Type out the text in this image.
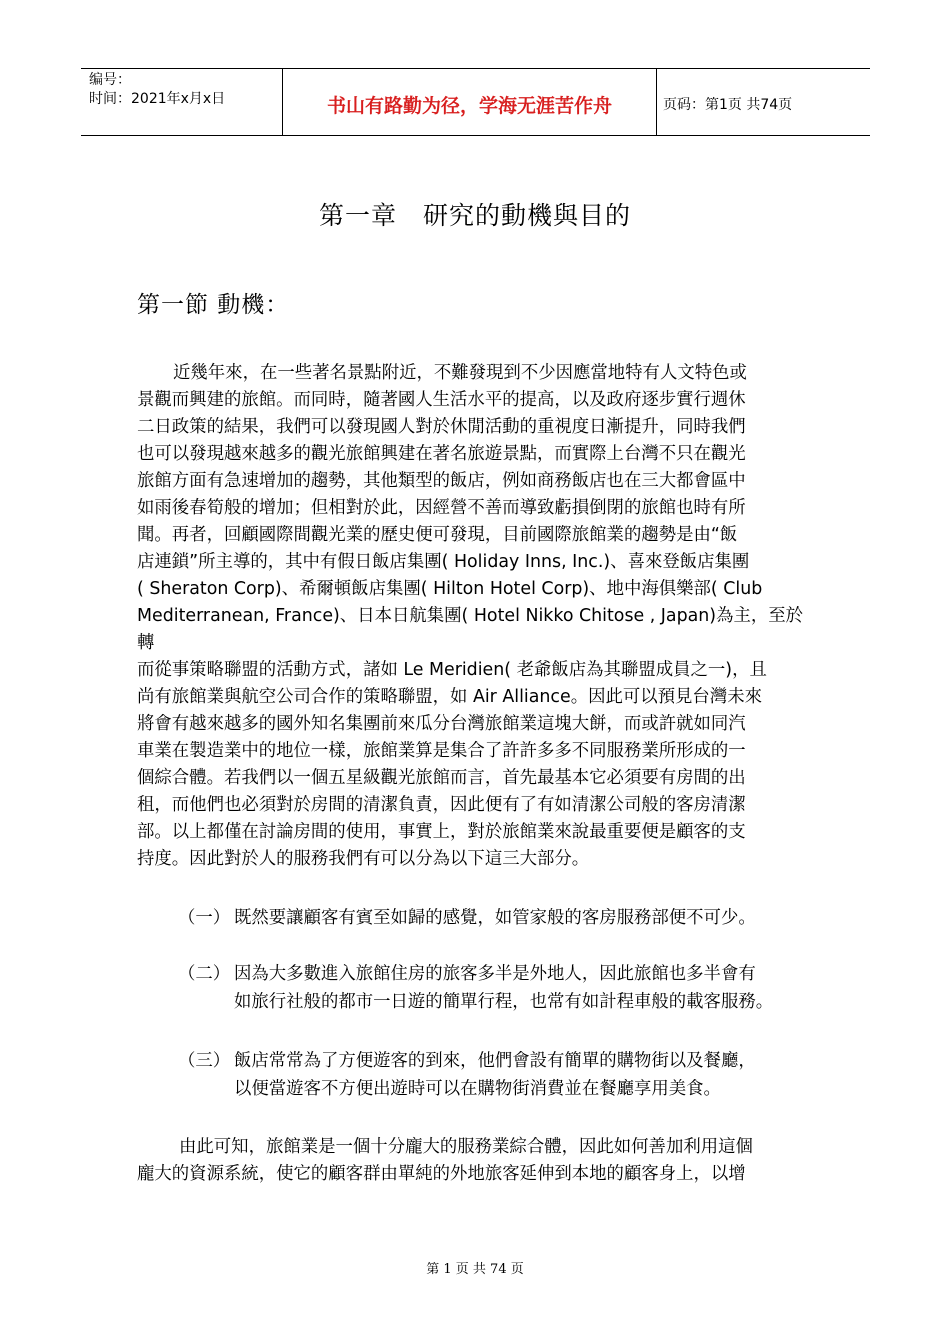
编号：
时间：2021年x月x日	书山有路勤为径，学海无涯苦作舟	页码：第1页 共74页
第一章　研究的動機與目的
第一節 動機：
近幾年來，在一些著名景點附近，不難發現到不少因應當地特有人文特色或
景觀而興建的旅館。而同時，隨著國人生活水平的提高，以及政府逐步實行週休
二日政策的結果，我們可以發現國人對於休閒活動的重視度日漸提升，同時我們
也可以發現越來越多的觀光旅館興建在著名旅遊景點，而實際上台灣不只在觀光
旅館方面有急速增加的趨勢，其他類型的飯店，例如商務飯店也在三大都會區中
如雨後春筍般的增加；但相對於此，因經營不善而導致虧損倒閉的旅館也時有所
聞。再者，回顧國際間觀光業的歷史便可發現，目前國際旅館業的趨勢是由“飯
店連鎖”所主導的，其中有假日飯店集團( Holiday Inns, Inc.)、喜來登飯店集團
( Sheraton Corp)、希爾頓飯店集團( Hilton Hotel Corp)、地中海俱樂部( Club
Mediterranean, France)、日本日航集團( Hotel Nikko Chitose , Japan)為主，至於轉
而從事策略聯盟的活動方式，諸如 Le Meridien( 老爺飯店為其聯盟成員之一)，且
尚有旅館業與航空公司合作的策略聯盟，如 Air Alliance。因此可以預見台灣未來
將會有越來越多的國外知名集團前來瓜分台灣旅館業這塊大餅，而或許就如同汽
車業在製造業中的地位一樣，旅館業算是集合了許許多多不同服務業所形成的一
個綜合體。若我們以一個五星級觀光旅館而言，首先最基本它必須要有房間的出
租，而他們也必須對於房間的清潔負責，因此便有了有如清潔公司般的客房清潔
部。以上都僅在討論房間的使用，事實上，對於旅館業來說最重要便是顧客的支
持度。因此對於人的服務我們有可以分為以下這三大部分。
（一） 既然要讓顧客有賓至如歸的感覺，如管家般的客房服務部便不可少。
（二） 因為大多數進入旅館住房的旅客多半是外地人，因此旅館也多半會有
如旅行社般的都市一日遊的簡單行程，也常有如計程車般的載客服務。
（三） 飯店常常為了方便遊客的到來，他們會設有簡單的購物街以及餐廳，
以便當遊客不方便出遊時可以在購物街消費並在餐廳享用美食。
由此可知，旅館業是一個十分龐大的服務業綜合體，因此如何善加利用這個
龐大的資源系統，使它的顧客群由單純的外地旅客延伸到本地的顧客身上，以增
第 1 页 共 74 页
